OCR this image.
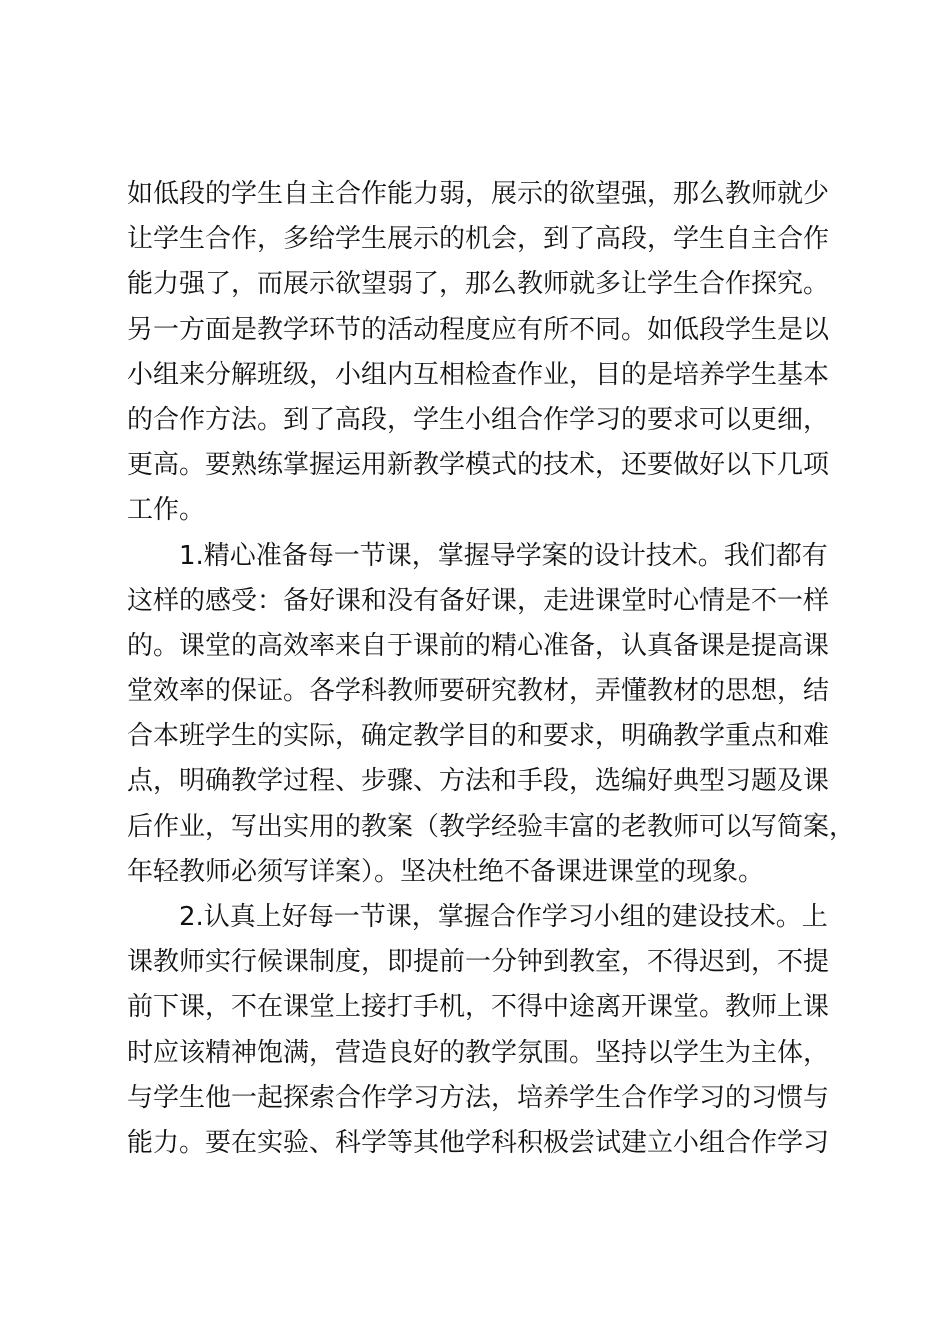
如低段的学生自主合作能力弱，展示的欲望强，那么教师就少
让学生合作，多给学生展示的机会，到了高段，学生自主合作
能力强了，而展示欲望弱了，那么教师就多让学生合作探究。
另一方面是教学环节的活动程度应有所不同。如低段学生是以
小组来分解班级，小组内互相检查作业，目的是培养学生基本
的合作方法。到了高段，学生小组合作学习的要求可以更细，
更高。要熟练掌握运用新教学模式的技术，还要做好以下几项
工作。
1.精心准备每一节课，掌握导学案的设计技术。我们都有
这样的感受：备好课和没有备好课，走进课堂时心情是不一样
的。课堂的高效率来自于课前的精心准备，认真备课是提高课
堂效率的保证。各学科教师要研究教材，弄懂教材的思想，结
合本班学生的实际，确定教学目的和要求，明确教学重点和难
点，明确教学过程、步骤、方法和手段，选编好典型习题及课
后作业，写出实用的教案（教学经验丰富的老教师可以写简案，
年轻教师必须写详案）。坚决杜绝不备课进课堂的现象。
2.认真上好每一节课，掌握合作学习小组的建设技术。上
课教师实行候课制度，即提前一分钟到教室，不得迟到，不提
前下课，不在课堂上接打手机，不得中途离开课堂。教师上课
时应该精神饱满，营造良好的教学氛围。坚持以学生为主体，
与学生他一起探索合作学习方法，培养学生合作学习的习惯与
能力。要在实验、科学等其他学科积极尝试建立小组合作学习
